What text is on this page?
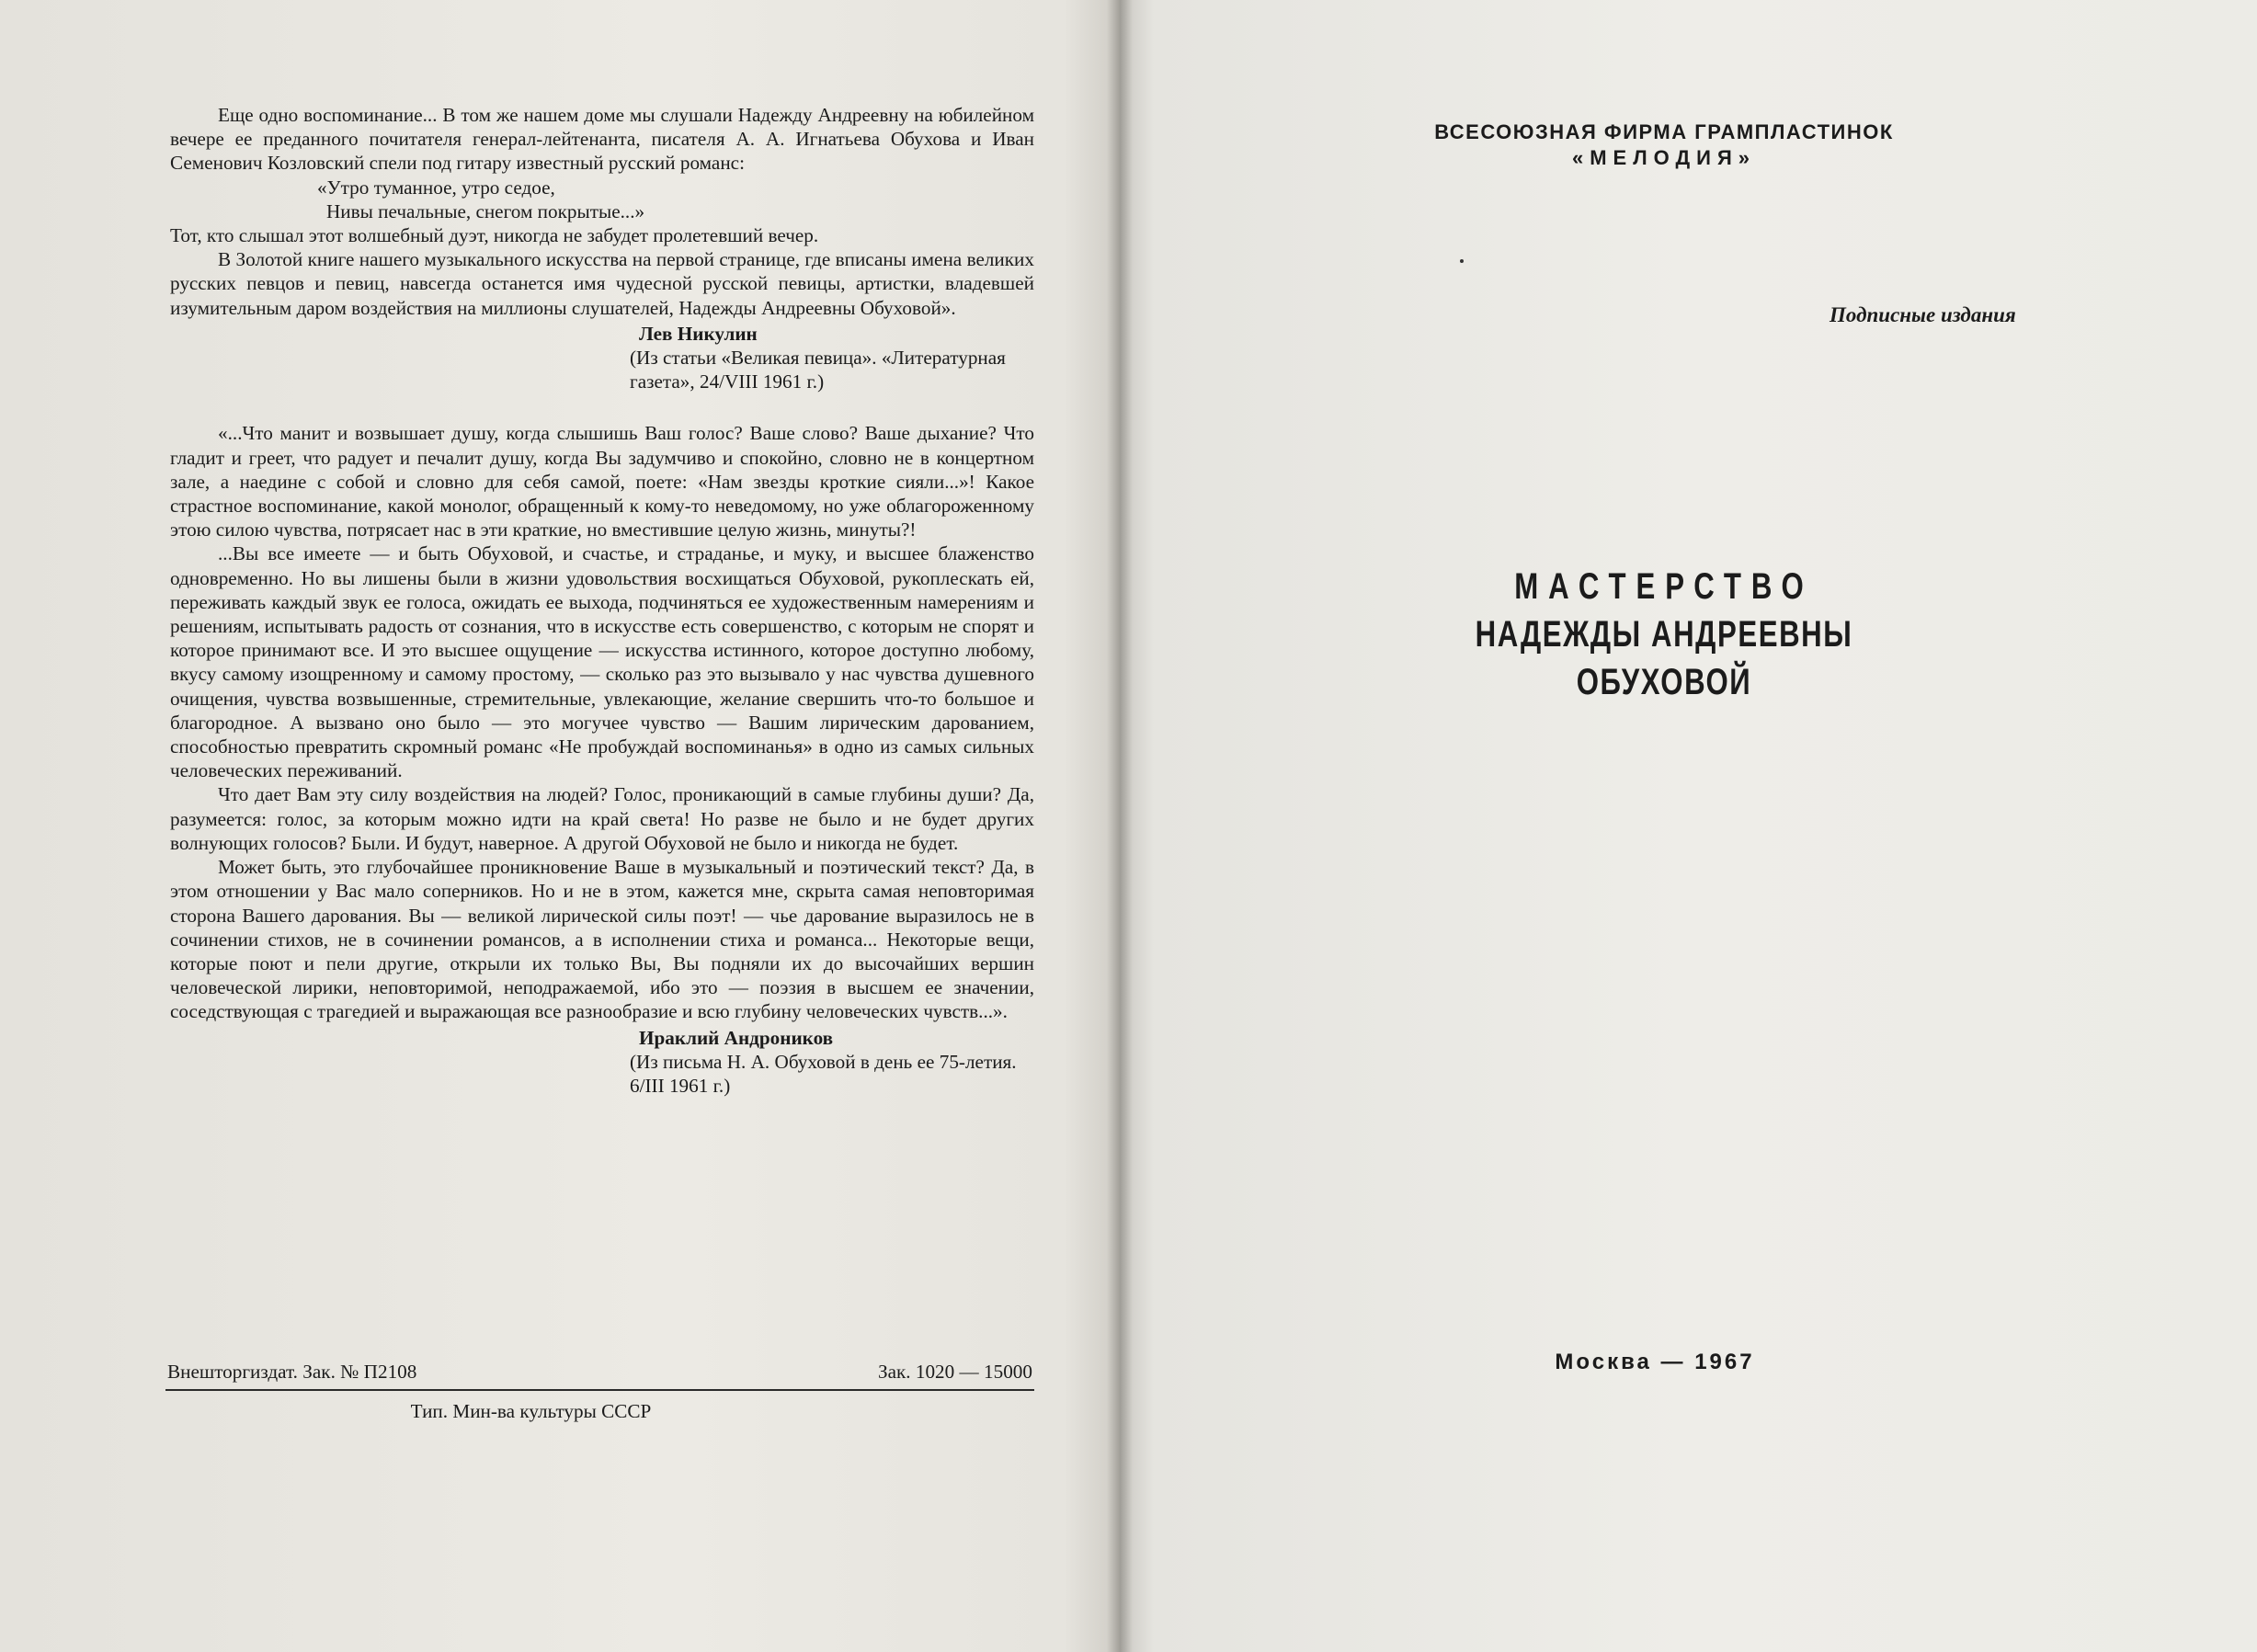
Еще одно воспоминание... В том же нашем доме мы слушали Надежду Андреевну на юбилейном вечере ее преданного почитателя генерал-лейтенанта, писателя А. А. Игнатьева Обухова и Иван Семенович Козловский спели под гитару известный русский романс:

«Утро туманное, утро седое,
Нивы печальные, снегом покрытые...»

Тот, кто слышал этот волшебный дуэт, никогда не забудет пролетевший вечер.

В Золотой книге нашего музыкального искусства на первой странице, где вписаны имена великих русских певцов и певиц, навсегда останется имя чудесной русской певицы, артистки, владевшей изумительным даром воздействия на миллионы слушателей, Надежды Андреевны Обуховой».

Лев Никулин
(Из статьи «Великая певица». «Литературная газета», 24/VIII 1961 г.)

«...Что манит и возвышает душу, когда слышишь Ваш голос? Ваше слово? Ваше дыхание? Что гладит и греет, что радует и печалит душу, когда Вы задумчиво и спокойно, словно не в концертном зале, а наедине с собой и словно для себя самой, поете: «Нам звезды кроткие сияли...»! Какое страстное воспоминание, какой монолог, обращенный к кому-то неведомому, но уже облагороженному этою силою чувства, потрясает нас в эти краткие, но вместившие целую жизнь, минуты?!

...Вы все имеете — и быть Обуховой, и счастье, и страданье, и муку, и высшее блаженство одновременно. Но вы лишены были в жизни удовольствия восхищаться Обуховой, рукоплескать ей, переживать каждый звук ее голоса, ожидать ее выхода, подчиняться ее художественным намерениям и решениям, испытывать радость от сознания, что в искусстве есть совершенство, с которым не спорят и которое принимают все. И это высшее ощущение — искусства истинного, которое доступно любому, вкусу самому изощренному и самому простому, — сколько раз это вызывало у нас чувства душевного очищения, чувства возвышенные, стремительные, увлекающие, желание свершить что-то большое и благородное. А вызвано оно было — это могучее чувство — Вашим лирическим дарованием, способностью превратить скромный романс «Не пробуждай воспоминанья» в одно из самых сильных человеческих переживаний.

Что дает Вам эту силу воздействия на людей? Голос, проникающий в самые глубины души? Да, разумеется: голос, за которым можно идти на край света! Но разве не было и не будет других волнующих голосов? Были. И будут, наверное. А другой Обуховой не было и никогда не будет.

Может быть, это глубочайшее проникновение Ваше в музыкальный и поэтический текст? Да, в этом отношении у Вас мало соперников. Но и не в этом, кажется мне, скрыта самая неповторимая сторона Вашего дарования. Вы — великой лирической силы поэт! — чье дарование выразилось не в сочинении стихов, не в сочинении романсов, а в исполнении стиха и романса... Некоторые вещи, которые поют и пели другие, открыли их только Вы, Вы подняли их до высочайших вершин человеческой лирики, неповторимой, неподражаемой, ибо это — поэзия в высшем ее значении, соседствующая с трагедией и выражающая все разнообразие и всю глубину человеческих чувств...».

Ираклий Андроников
(Из письма Н. А. Обуховой в день ее 75-летия. 6/III 1961 г.)
Внешторгиздат. Зак. № П2108	Зак. 1020 — 15000
Тип. Мин-ва культуры СССР
ВСЕСОЮЗНАЯ ФИРМА ГРАМПЛАСТИНОК
«МЕЛОДИЯ»
Подписные издания
МАСТЕРСТВО
НАДЕЖДЫ АНДРЕЕВНЫ ОБУХОВОЙ
Москва — 1967
